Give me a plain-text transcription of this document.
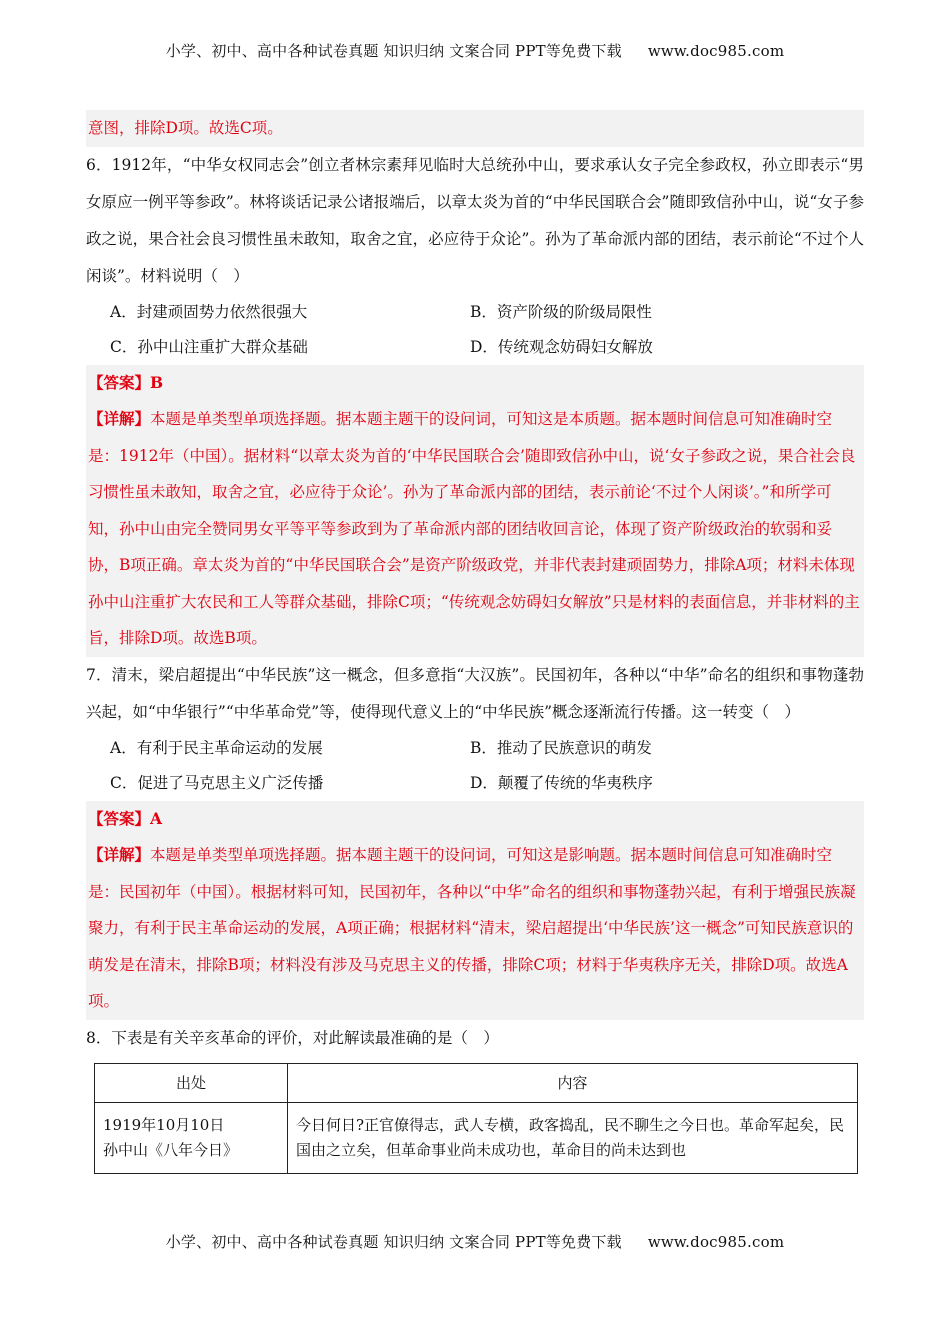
小学、初中、高中各种试卷真题 知识归纳 文案合同 PPT等免费下载 www.doc985.com

意图，排除D项。故选C项。

6．1912年，“中华女权同志会”创立者林宗素拜见临时大总统孙中山，要求承认女子完全参政权，孙立即表示“男女原应一例平等参政”。林将谈话记录公诸报端后，以章太炎为首的“中华民国联合会”随即致信孙中山，说“女子参政之说，果合社会良习惯性虽未敢知，取舍之宜，必应待于众论”。孙为了革命派内部的团结，表示前论“不过个人闲谈”。材料说明（　）

A．封建顽固势力依然很强大	B．资产阶级的阶级局限性
C．孙中山注重扩大群众基础	D．传统观念妨碍妇女解放
【答案】B
【详解】本题是单类型单项选择题。据本题主题干的设问词，可知这是本质题。据本题时间信息可知准确时空是：1912年（中国）。据材料“以章太炎为首的‘中华民国联合会’随即致信孙中山，说‘女子参政之说，果合社会良习惯性虽未敢知，取舍之宜，必应待于众论’。孙为了革命派内部的团结，表示前论‘不过个人闲谈’。”和所学可知，孙中山由完全赞同男女平等平等参政到为了革命派内部的团结收回言论，体现了资产阶级政治的软弱和妥协，B项正确。章太炎为首的“中华民国联合会”是资产阶级政党，并非代表封建顽固势力，排除A项；材料未体现孙中山注重扩大农民和工人等群众基础，排除C项；“传统观念妨碍妇女解放”只是材料的表面信息，并非材料的主旨，排除D项。故选B项。

7．清末，梁启超提出“中华民族”这一概念，但多意指“大汉族”。民国初年，各种以“中华”命名的组织和事物蓬勃兴起，如“中华银行”“中华革命党”等，使得现代意义上的“中华民族”概念逐渐流行传播。这一转变（　）

A．有利于民主革命运动的发展	B．推动了民族意识的萌发
C．促进了马克思主义广泛传播	D．颠覆了传统的华夷秩序
【答案】A
【详解】本题是单类型单项选择题。据本题主题干的设问词，可知这是影响题。据本题时间信息可知准确时空是：民国初年（中国）。根据材料可知，民国初年，各种以“中华”命名的组织和事物蓬勃兴起，有利于增强民族凝聚力，有利于民主革命运动的发展，A项正确；根据材料“清末，梁启超提出‘中华民族’这一概念”可知民族意识的萌发是在清末，排除B项；材料没有涉及马克思主义的传播，排除C项；材料于华夷秩序无关，排除D项。故选A项。

8．下表是有关辛亥革命的评价，对此解读最准确的是（　）

出处	内容

1919年10月10日
孙中山《八年今日》	今日何日?正官僚得志，武人专横，政客捣乱，民不聊生之今日也。革命军起矣，民国由之立矣，但革命事业尚未成功也，革命目的尚未达到也
小学、初中、高中各种试卷真题 知识归纳 文案合同 PPT等免费下载 www.doc985.com
